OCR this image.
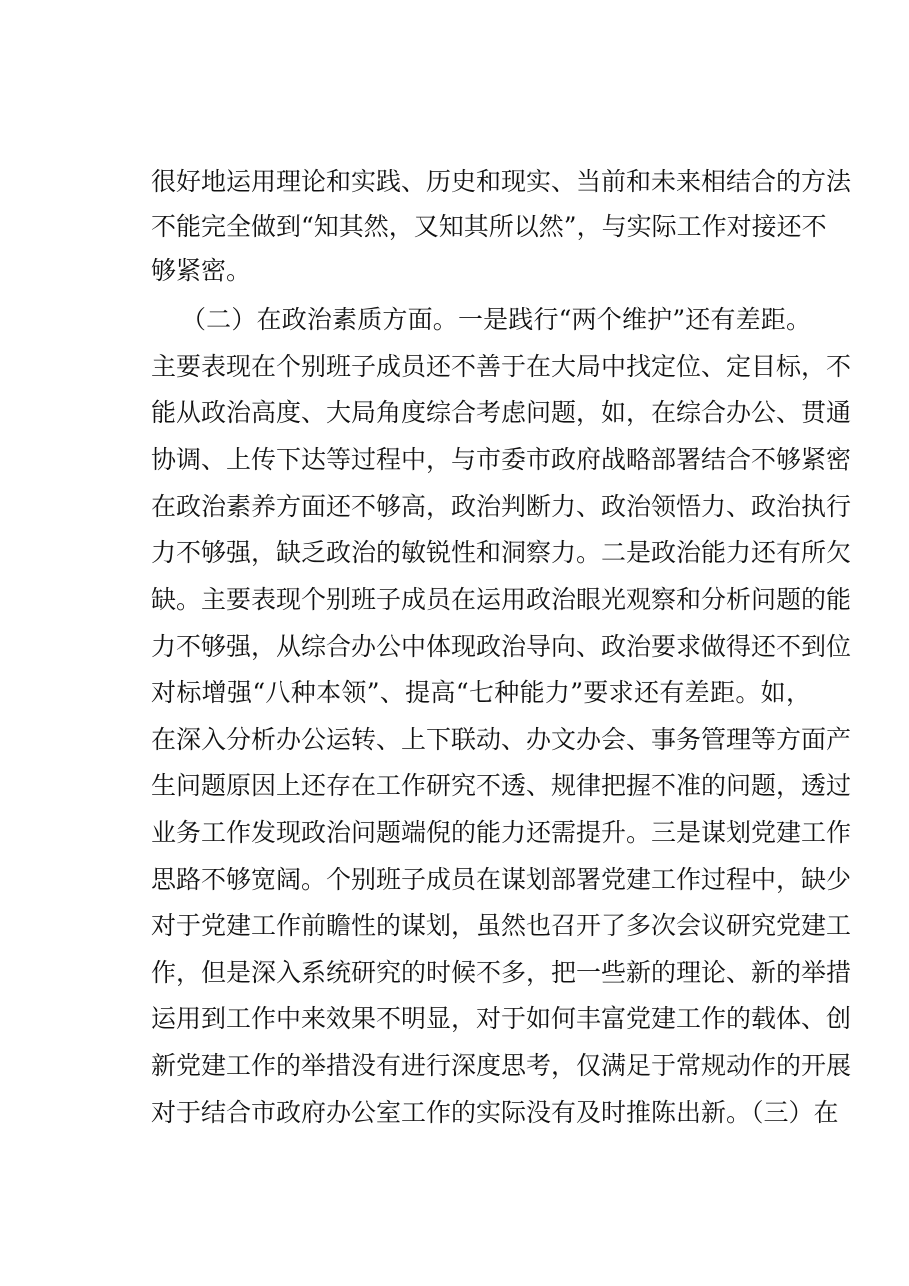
很好地运用理论和实践、历史和现实、当前和未来相结合的方法
不能完全做到“知其然，又知其所以然”，与实际工作对接还不
够紧密。
（二）在政治素质方面。一是践行“两个维护”还有差距。
主要表现在个别班子成员还不善于在大局中找定位、定目标，不
能从政治高度、大局角度综合考虑问题，如，在综合办公、贯通
协调、上传下达等过程中，与市委市政府战略部署结合不够紧密
在政治素养方面还不够高，政治判断力、政治领悟力、政治执行
力不够强，缺乏政治的敏锐性和洞察力。二是政治能力还有所欠
缺。主要表现个别班子成员在运用政治眼光观察和分析问题的能
力不够强，从综合办公中体现政治导向、政治要求做得还不到位
对标增强“八种本领”、提高“七种能力”要求还有差距。如，
在深入分析办公运转、上下联动、办文办会、事务管理等方面产
生问题原因上还存在工作研究不透、规律把握不准的问题，透过
业务工作发现政治问题端倪的能力还需提升。三是谋划党建工作
思路不够宽阔。个别班子成员在谋划部署党建工作过程中，缺少
对于党建工作前瞻性的谋划，虽然也召开了多次会议研究党建工
作，但是深入系统研究的时候不多，把一些新的理论、新的举措
运用到工作中来效果不明显，对于如何丰富党建工作的载体、创
新党建工作的举措没有进行深度思考，仅满足于常规动作的开展
对于结合市政府办公室工作的实际没有及时推陈出新。（三）在
